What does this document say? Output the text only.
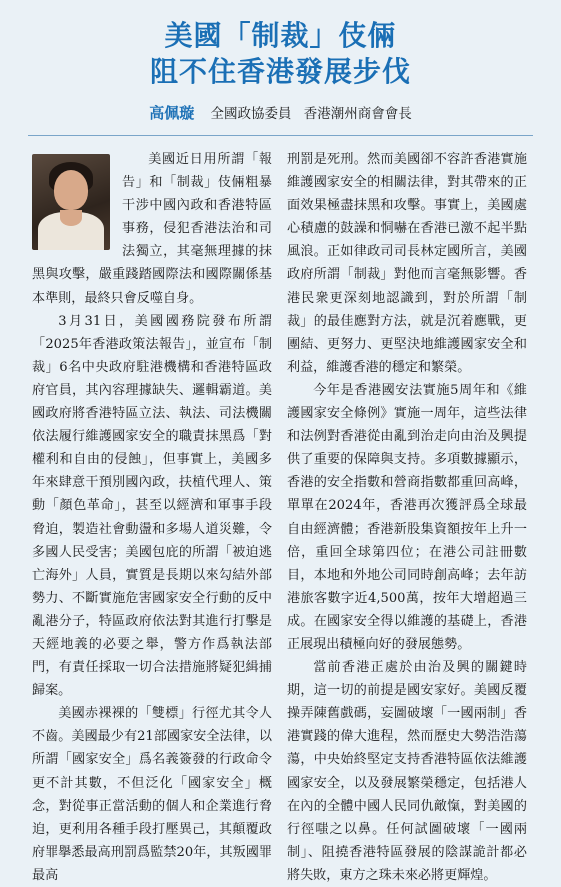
美國「制裁」伎倆
阻不住香港發展步伐
高佩璇 全國政協委員 香港潮州商會會長

美國近日用所謂「報告」和「制裁」伎倆粗暴干涉中國內政和香港特區事務，侵犯香港法治和司法獨立，其毫無理據的抹黑與攻擊，嚴重踐踏國際法和國際關係基本準則，最終只會反噬自身。

3月31日，美國國務院發布所謂「2025年香港政策法報告」，並宣布「制裁」6名中央政府駐港機構和香港特區政府官員，其內容理據缺失、邏輯霸道。美國政府將香港特區立法、執法、司法機關依法履行維護國家安全的職責抹黑爲「對權利和自由的侵蝕」，但事實上，美國多年來肆意干預別國內政，扶植代理人、策動「顏色革命」，甚至以經濟和軍事手段脅迫，製造社會動盪和多場人道災難，令多國人民受害；美國包庇的所謂「被迫逃亡海外」人員，實質是長期以來勾結外部勢力、不斷實施危害國家安全行動的反中亂港分子，特區政府依法對其進行打擊是天經地義的必要之舉，警方作爲執法部門，有責任採取一切合法措施將疑犯緝捕歸案。

美國赤裸裸的「雙標」行徑尤其令人不齒。美國最少有21部國家安全法律，以所謂「國家安全」爲名義簽發的行政命令更不計其數，不但泛化「國家安全」概念，對從事正當活動的個人和企業進行脅迫，更利用各種手段打壓異己，其顛覆政府罪擧悉最高刑罰爲監禁20年，其叛國罪最高

刑罰是死刑。然而美國卻不容許香港實施維護國家安全的相關法律，對其帶來的正面效果極盡抹黑和攻擊。事實上，美國處心積慮的鼓譟和恫嚇在香港已激不起半點風浪。正如律政司司長林定國所言，美國政府所謂「制裁」對他而言毫無影響。香港民衆更深刻地認識到，對於所謂「制裁」的最佳應對方法，就是沉着應戰，更團結、更努力、更堅決地維護國家安全和利益，維護香港的穩定和繁榮。

今年是香港國安法實施5周年和《維護國家安全條例》實施一周年，這些法律和法例對香港從由亂到治走向由治及興提供了重要的保障與支持。多項數據顯示，香港的安全指數和營商指數都重回高峰，單單在2024年，香港再次獲評爲全球最自由經濟體；香港新股集資額按年上升一倍，重回全球第四位；在港公司註冊數目，本地和外地公司同時創高峰；去年訪港旅客數字近4,500萬，按年大增超過三成。在國家安全得以維護的基礎上，香港正展現出積極向好的發展態勢。

當前香港正處於由治及興的關鍵時期，這一切的前提是國安家好。美國反覆操弄陳舊戲碼，妄圖破壞「一國兩制」香港實踐的偉大進程，然而歷史大勢浩浩蕩蕩，中央始終堅定支持香港特區依法維護國家安全，以及發展繁榮穩定，包括港人在內的全體中國人民同仇敵愾，對美國的行徑嗤之以鼻。任何試圖破壞「一國兩制」、阻撓香港特區發展的陰謀詭計都必將失敗，東方之珠未來必將更輝煌。
